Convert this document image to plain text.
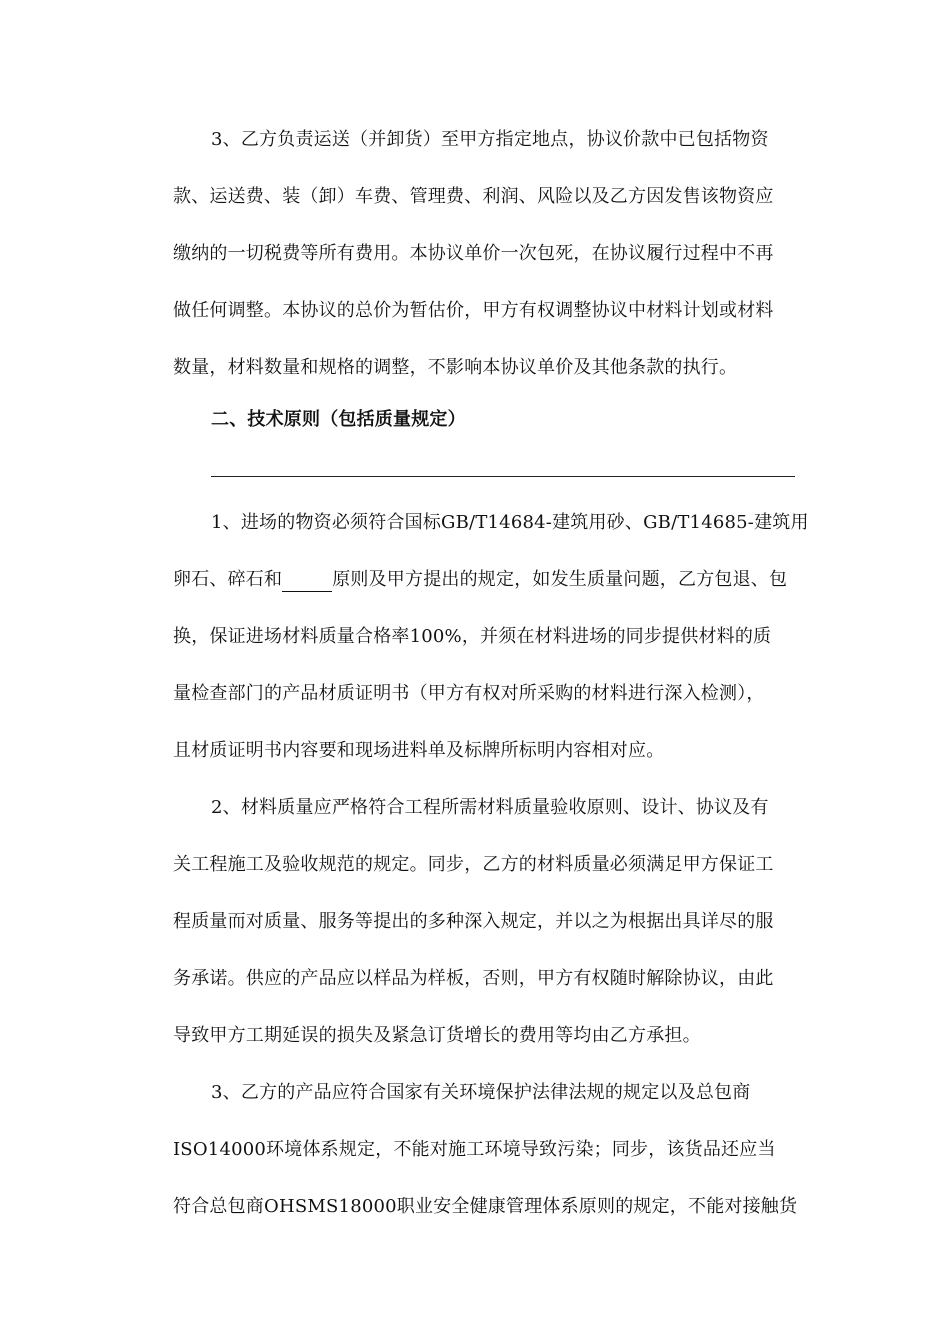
3、乙方负责运送（并卸货）至甲方指定地点，协议价款中已包括物资
款、运送费、装（卸）车费、管理费、利润、风险以及乙方因发售该物资应
缴纳的一切税费等所有费用。本协议单价一次包死，在协议履行过程中不再
做任何调整。本协议的总价为暂估价，甲方有权调整协议中材料计划或材料
数量，材料数量和规格的调整，不影响本协议单价及其他条款的执行。
二、技术原则（包括质量规定）
1、进场的物资必须符合国标GB/T14684-建筑用砂、GB/T14685-建筑用
卵石、碎石和	原则及甲方提出的规定，如发生质量问题，乙方包退、包
换，保证进场材料质量合格率100%，并须在材料进场的同步提供材料的质
量检查部门的产品材质证明书（甲方有权对所采购的材料进行深入检测），
且材质证明书内容要和现场进料单及标牌所标明内容相对应。
2、材料质量应严格符合工程所需材料质量验收原则、设计、协议及有
关工程施工及验收规范的规定。同步，乙方的材料质量必须满足甲方保证工
程质量而对质量、服务等提出的多种深入规定，并以之为根据出具详尽的服
务承诺。供应的产品应以样品为样板，否则，甲方有权随时解除协议，由此
导致甲方工期延误的损失及紧急订货增长的费用等均由乙方承担。
3、乙方的产品应符合国家有关环境保护法律法规的规定以及总包商
ISO14000环境体系规定，不能对施工环境导致污染；同步，该货品还应当
符合总包商OHSMS18000职业安全健康管理体系原则的规定，不能对接触货
